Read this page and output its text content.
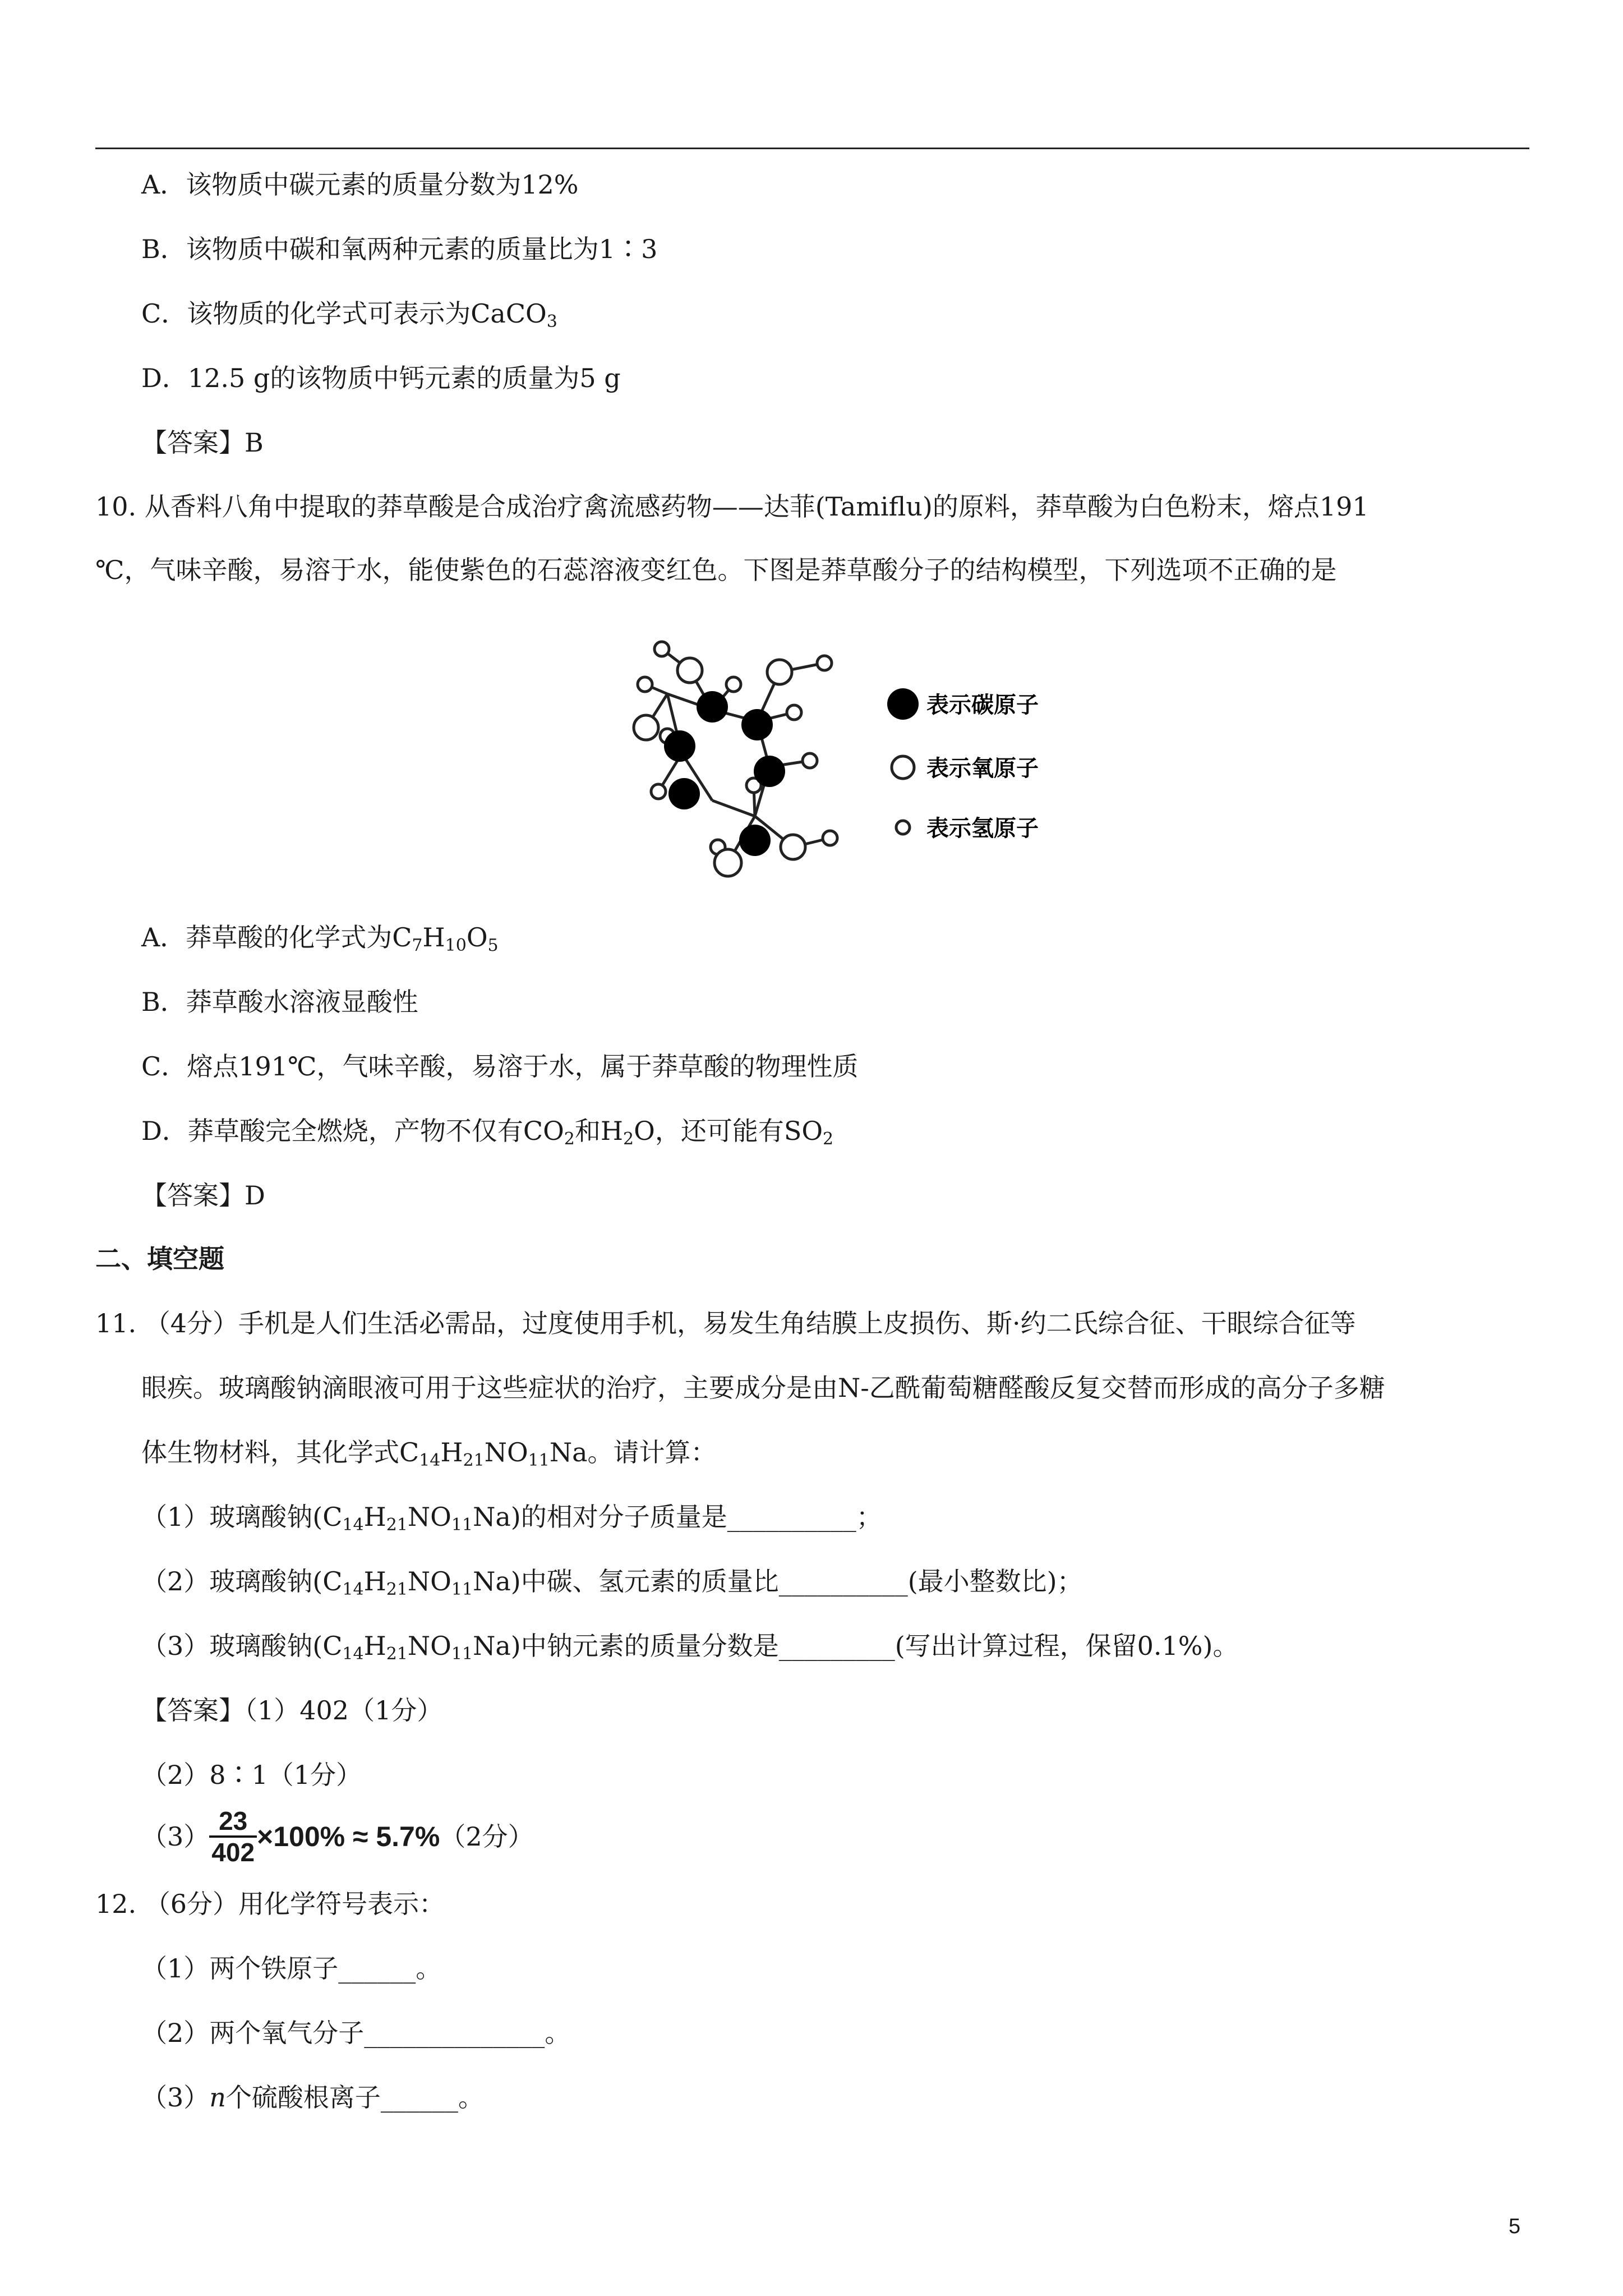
A．该物质中碳元素的质量分数为12%
B．该物质中碳和氧两种元素的质量比为1∶3
C．该物质的化学式可表示为CaCO$_3$
D．12.5 g的该物质中钙元素的质量为5 g
【答案】B
10. 从香料八角中提取的莽草酸是合成治疗禽流感药物——达菲(Tamiflu)的原料，莽草酸为白色粉末，熔点191
℃，气味辛酸，易溶于水，能使紫色的石蕊溶液变红色。下图是莽草酸分子的结构模型，下列选项不正确的是
表示碳原子
表示氧原子
表示氢原子
A．莽草酸的化学式为$C_7H_{10}O_5$
B．莽草酸水溶液显酸性
C．熔点191℃，气味辛酸，易溶于水，属于莽草酸的物理性质
D．莽草酸完全燃烧，产物不仅有$CO_2$和$H_2O$，还可能有$SO_2$
【答案】D
二、填空题
11. （4分）手机是人们生活必需品，过度使用手机，易发生角结膜上皮损伤、斯·约二氏综合征、干眼综合征等
眼疾。玻璃酸钠滴眼液可用于这些症状的治疗，主要成分是由N-乙酰葡萄糖醛酸反复交替而形成的高分子多糖
体生物材料，其化学式$C_{14}H_{21}NO_{11}Na$。请计算：
（1）玻璃酸钠$(C_{14}H_{21}NO_{11}Na)$的相对分子质量是__________；
（2）玻璃酸钠$(C_{14}H_{21}NO_{11}Na)$中碳、氢元素的质量比__________(最小整数比)；
（3）玻璃酸钠$(C_{14}H_{21}NO_{11}Na)$中钠元素的质量分数是_________(写出计算过程，保留0.1%)。
【答案】（1）402（1分）
（2）8∶1（1分）
$(3) \frac{23}{402} \times 100\% \approx 5.7\%(2$分）
12. （6分）用化学符号表示：
（1）两个铁原子______。
（2）两个氧气分子______________。
（3）n个硫酸根离子______。
5
